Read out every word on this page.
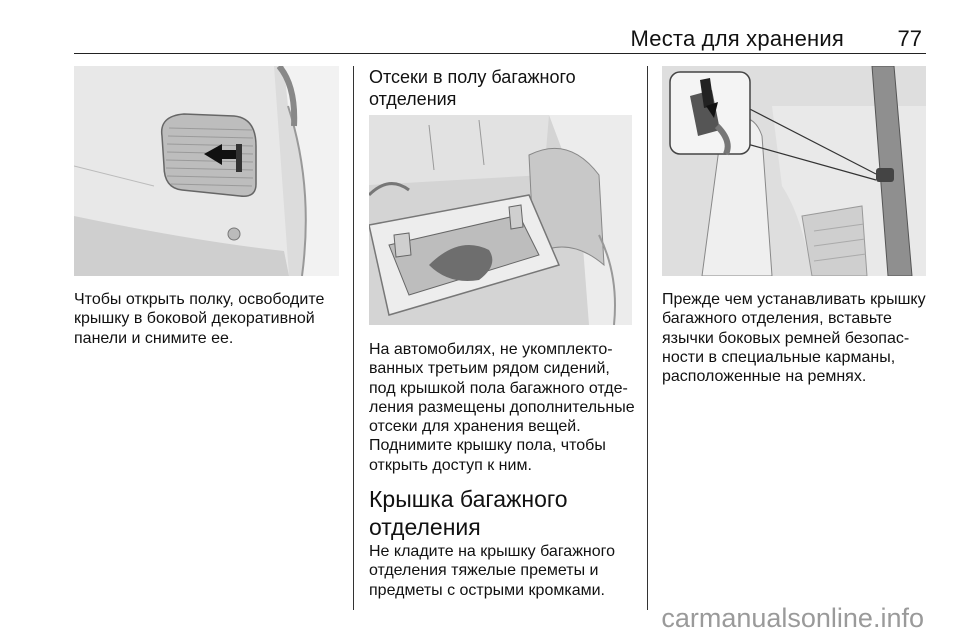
Места для хранения 77

Чтобы открыть полку, освободите крышку в боковой декоративной панели и снимите ее.

Отсеки в полу багажного отделения

На автомобилях, не укомплектованных третьим рядом сидений, под крышкой пола багажного отделения размещены дополнительные отсеки для хранения вещей. Поднимите крышку пола, чтобы открыть доступ к ним.

Крышка багажного отделения

Не кладите на крышку багажного отделения тяжелые преметы и предметы с острыми кромками.

Прежде чем устанавливать крышку багажного отделения, вставьте язычки боковых ремней безопасности в специальные карманы, расположенные на ремнях.

carmanualsonline.info
